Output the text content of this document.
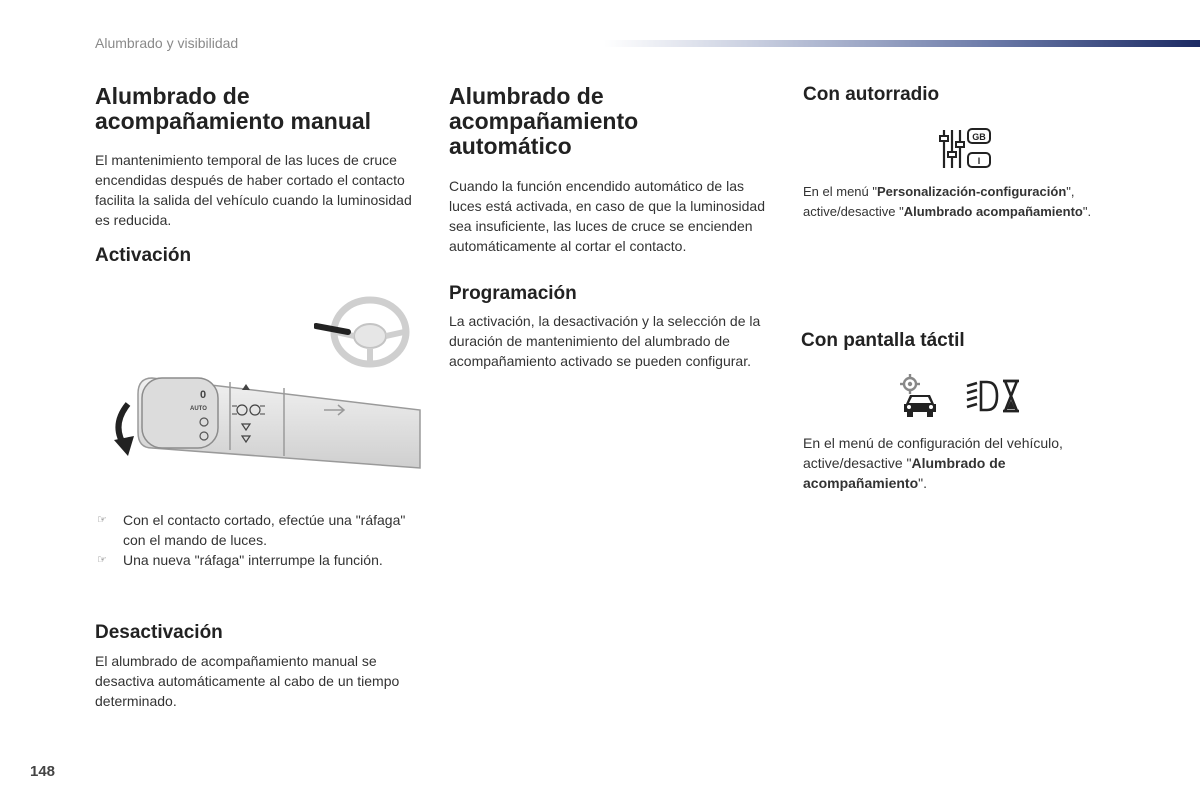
Alumbrado y visibilidad
Alumbrado de acompañamiento manual

El mantenimiento temporal de las luces de cruce encendidas después de haber cortado el contacto facilita la salida del vehículo cuando la luminosidad es reducida.

Activación
0
AUTO
☞ Con el contacto cortado, efectúe una "ráfaga" con el mando de luces.
☞ Una nueva "ráfaga" interrumpe la función.
Desactivación

El alumbrado de acompañamiento manual se desactiva automáticamente al cabo de un tiempo determinado.

Alumbrado de acompañamiento automático

Cuando la función encendido automático de las luces está activada, en caso de que la luminosidad sea insuficiente, las luces de cruce se encienden automáticamente al cortar el contacto.

Programación

La activación, la desactivación y la selección de la duración de mantenimiento del alumbrado de acompañamiento activado se pueden configurar.

Con autorradio
GB
I

En el menú "Personalización-configuración", active/desactive "Alumbrado acompañamiento".

Con pantalla táctil

En el menú de configuración del vehículo, active/desactive "Alumbrado de acompañamiento".

148
